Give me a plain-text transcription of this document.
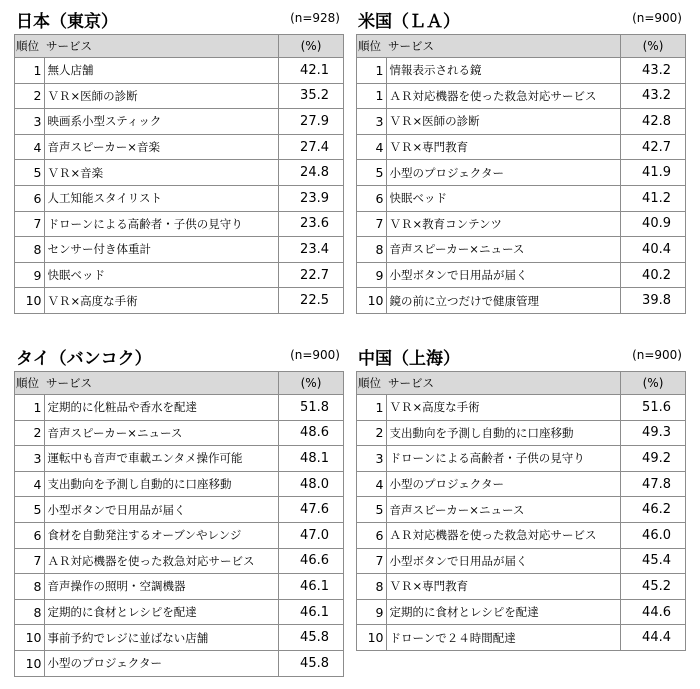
日本（東京）	(n=928)
順位	サービス	(%)
1	無人店舗	42.1
2	ＶＲ×医師の診断	35.2
3	映画系小型スティック	27.9
4	音声スピーカー×音楽	27.4
5	ＶＲ×音楽	24.8
6	人工知能スタイリスト	23.9
7	ドローンによる高齢者・子供の見守り	23.6
8	センサー付き体重計	23.4
9	快眠ベッド	22.7
10	ＶＲ×高度な手術	22.5
米国（ＬＡ）	(n=900)
順位	サービス	(%)
1	情報表示される鏡	43.2
1	ＡＲ対応機器を使った救急対応サービス	43.2
3	ＶＲ×医師の診断	42.8
4	ＶＲ×専門教育	42.7
5	小型のプロジェクター	41.9
6	快眠ベッド	41.2
7	ＶＲ×教育コンテンツ	40.9
8	音声スピーカー×ニュース	40.4
9	小型ボタンで日用品が届く	40.2
10	鏡の前に立つだけで健康管理	39.8
タイ（バンコク）	(n=900)
順位	サービス	(%)
1	定期的に化粧品や香水を配達	51.8
2	音声スピーカー×ニュース	48.6
3	運転中も音声で車載エンタメ操作可能	48.1
4	支出動向を予測し自動的に口座移動	48.0
5	小型ボタンで日用品が届く	47.6
6	食材を自動発注するオーブンやレンジ	47.0
7	ＡＲ対応機器を使った救急対応サービス	46.6
8	音声操作の照明・空調機器	46.1
8	定期的に食材とレシピを配達	46.1
10	事前予約でレジに並ばない店舗	45.8
10	小型のプロジェクター	45.8
中国（上海）	(n=900)
順位	サービス	(%)
1	ＶＲ×高度な手術	51.6
2	支出動向を予測し自動的に口座移動	49.3
3	ドローンによる高齢者・子供の見守り	49.2
4	小型のプロジェクター	47.8
5	音声スピーカー×ニュース	46.2
6	ＡＲ対応機器を使った救急対応サービス	46.0
7	小型ボタンで日用品が届く	45.4
8	ＶＲ×専門教育	45.2
9	定期的に食材とレシピを配達	44.6
10	ドローンで２４時間配達	44.4
